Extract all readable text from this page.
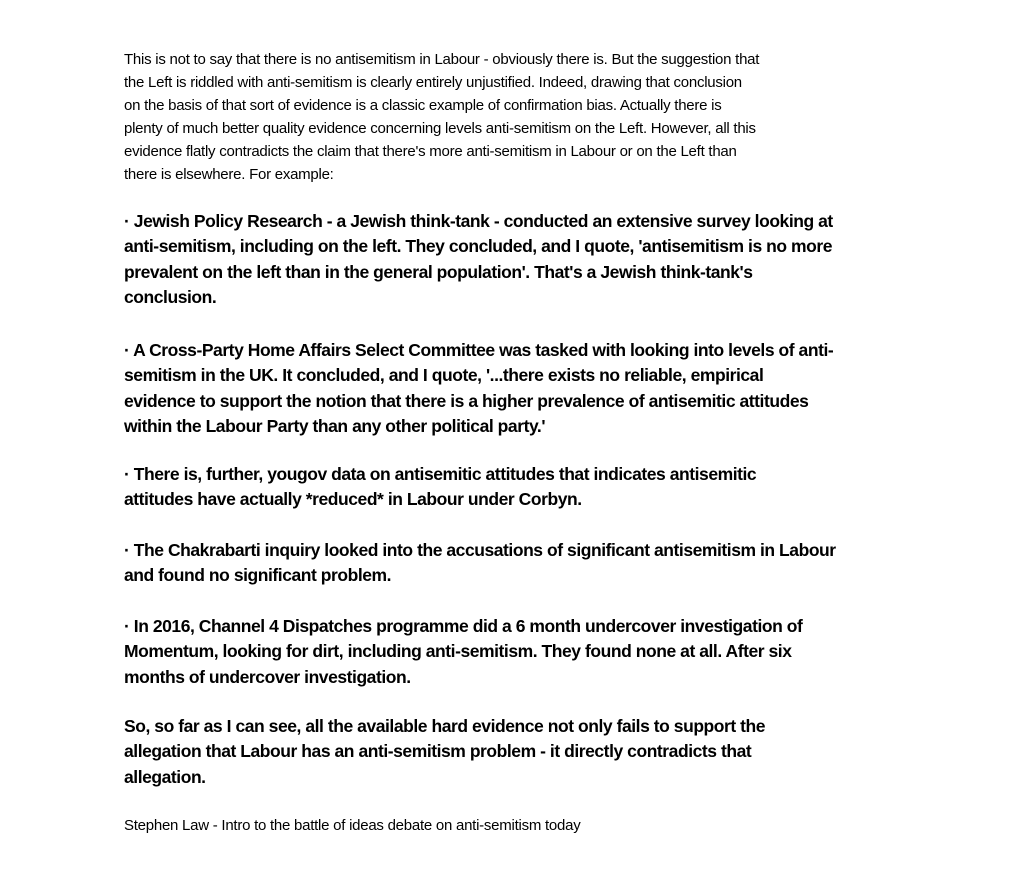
This is not to say that there is no antisemitism in Labour - obviously there is. But the suggestion that
the Left is riddled with anti-semitism is clearly entirely unjustified. Indeed, drawing that conclusion
on the basis of that sort of evidence is a classic example of confirmation bias. Actually there is
plenty of much better quality evidence concerning levels anti-semitism on the Left. However, all this
evidence flatly contradicts the claim that there's more anti-semitism in Labour or on the Left than
there is elsewhere. For example:
· Jewish Policy Research - a Jewish think-tank - conducted an extensive survey looking at
anti-semitism, including on the left. They concluded, and I quote, 'antisemitism is no more
prevalent on the left than in the general population'. That's a Jewish think-tank's
conclusion.
· A Cross-Party Home Affairs Select Committee was tasked with looking into levels of anti-
semitism in the UK. It concluded, and I quote, '...there exists no reliable, empirical
evidence to support the notion that there is a higher prevalence of antisemitic attitudes
within the Labour Party than any other political party.'
· There is, further, yougov data on antisemitic attitudes that indicates antisemitic
attitudes have actually *reduced* in Labour under Corbyn.
· The Chakrabarti inquiry looked into the accusations of significant antisemitism in Labour
and found no significant problem.
· In 2016, Channel 4 Dispatches programme did a 6 month undercover investigation of
Momentum, looking for dirt, including anti-semitism. They found none at all. After six
months of undercover investigation.
So, so far as I can see, all the available hard evidence not only fails to support the
allegation that Labour has an anti-semitism problem - it directly contradicts that
allegation.
Stephen Law - Intro to the battle of ideas debate on anti-semitism today
